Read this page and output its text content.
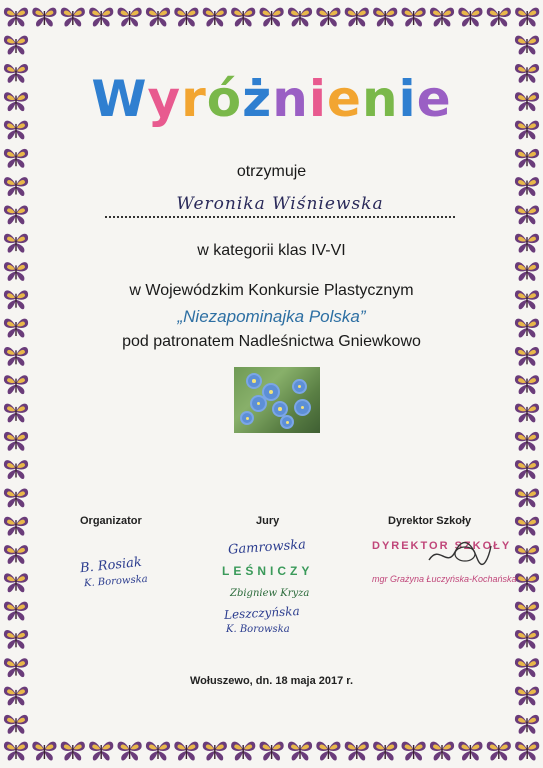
Wyróżnienie
otrzymuje
Weronika Wiśniewska
w kategorii klas IV-VI
w Wojewódzkim Konkursie Plastycznym
„Niezapominajka Polska”
pod patronatem Nadleśnictwa Gniewkowo
Organizator
B. Rosiak
K. Borowska
Jury
Gamrowska
LEŚNICZY
Zbigniew Kryza
Leszczyńska
K. Borowska
Dyrektor Szkoły
DYREKTOR SZKOŁY
mgr Grażyna Łuczyńska-Kochańska
Wołuszewo, dn. 18 maja 2017 r.
